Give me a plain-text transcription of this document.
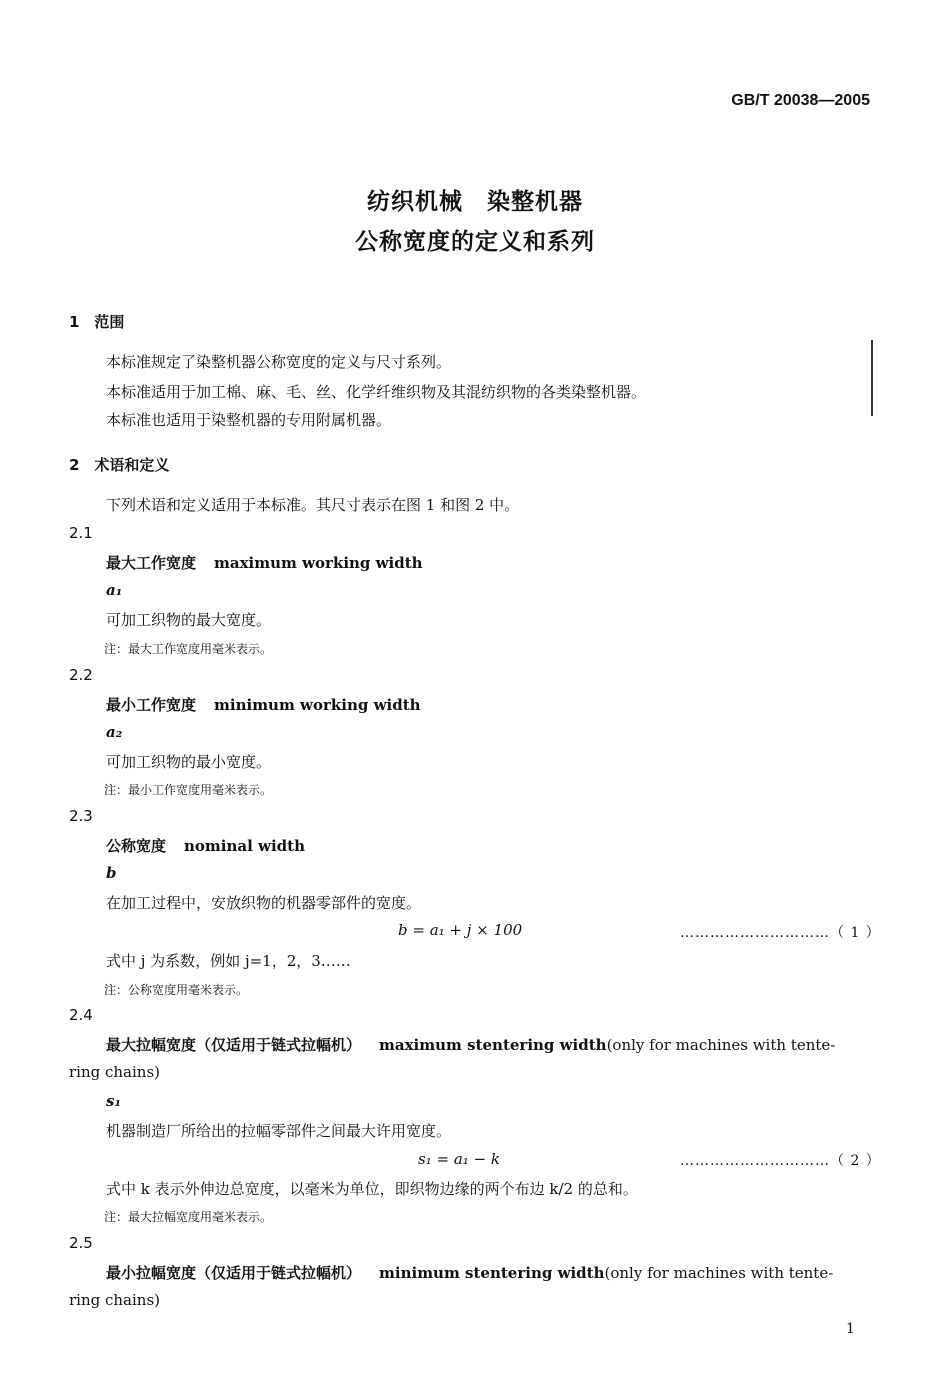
GB/T 20038—2005
纺织机械　染整机器
公称宽度的定义和系列
1　范围
本标准规定了染整机器公称宽度的定义与尺寸系列。
本标准适用于加工棉、麻、毛、丝、化学纤维织物及其混纺织物的各类染整机器。
本标准也适用于染整机器的专用附属机器。
2　术语和定义
下列术语和定义适用于本标准。其尺寸表示在图 1 和图 2 中。
2.1
最大工作宽度 maximum working width
a₁
可加工织物的最大宽度。
注：最大工作宽度用毫米表示。
2.2
最小工作宽度 minimum working width
a₂
可加工织物的最小宽度。
注：最小工作宽度用毫米表示。
2.3
公称宽度 nominal width
b
在加工过程中，安放织物的机器零部件的宽度。
b = a₁ + j × 100	…………………………（ 1 ）
式中 j 为系数，例如 j=1，2，3……
注：公称宽度用毫米表示。
2.4
最大拉幅宽度（仅适用于链式拉幅机） maximum stentering width(only for machines with tente-
ring chains)
s₁
机器制造厂所给出的拉幅零部件之间最大许用宽度。
s₁ = a₁ − k	…………………………（ 2 ）
式中 k 表示外伸边总宽度，以毫米为单位，即织物边缘的两个布边 k/2 的总和。
注：最大拉幅宽度用毫米表示。
2.5
最小拉幅宽度（仅适用于链式拉幅机） minimum stentering width(only for machines with tente-
ring chains)
1
